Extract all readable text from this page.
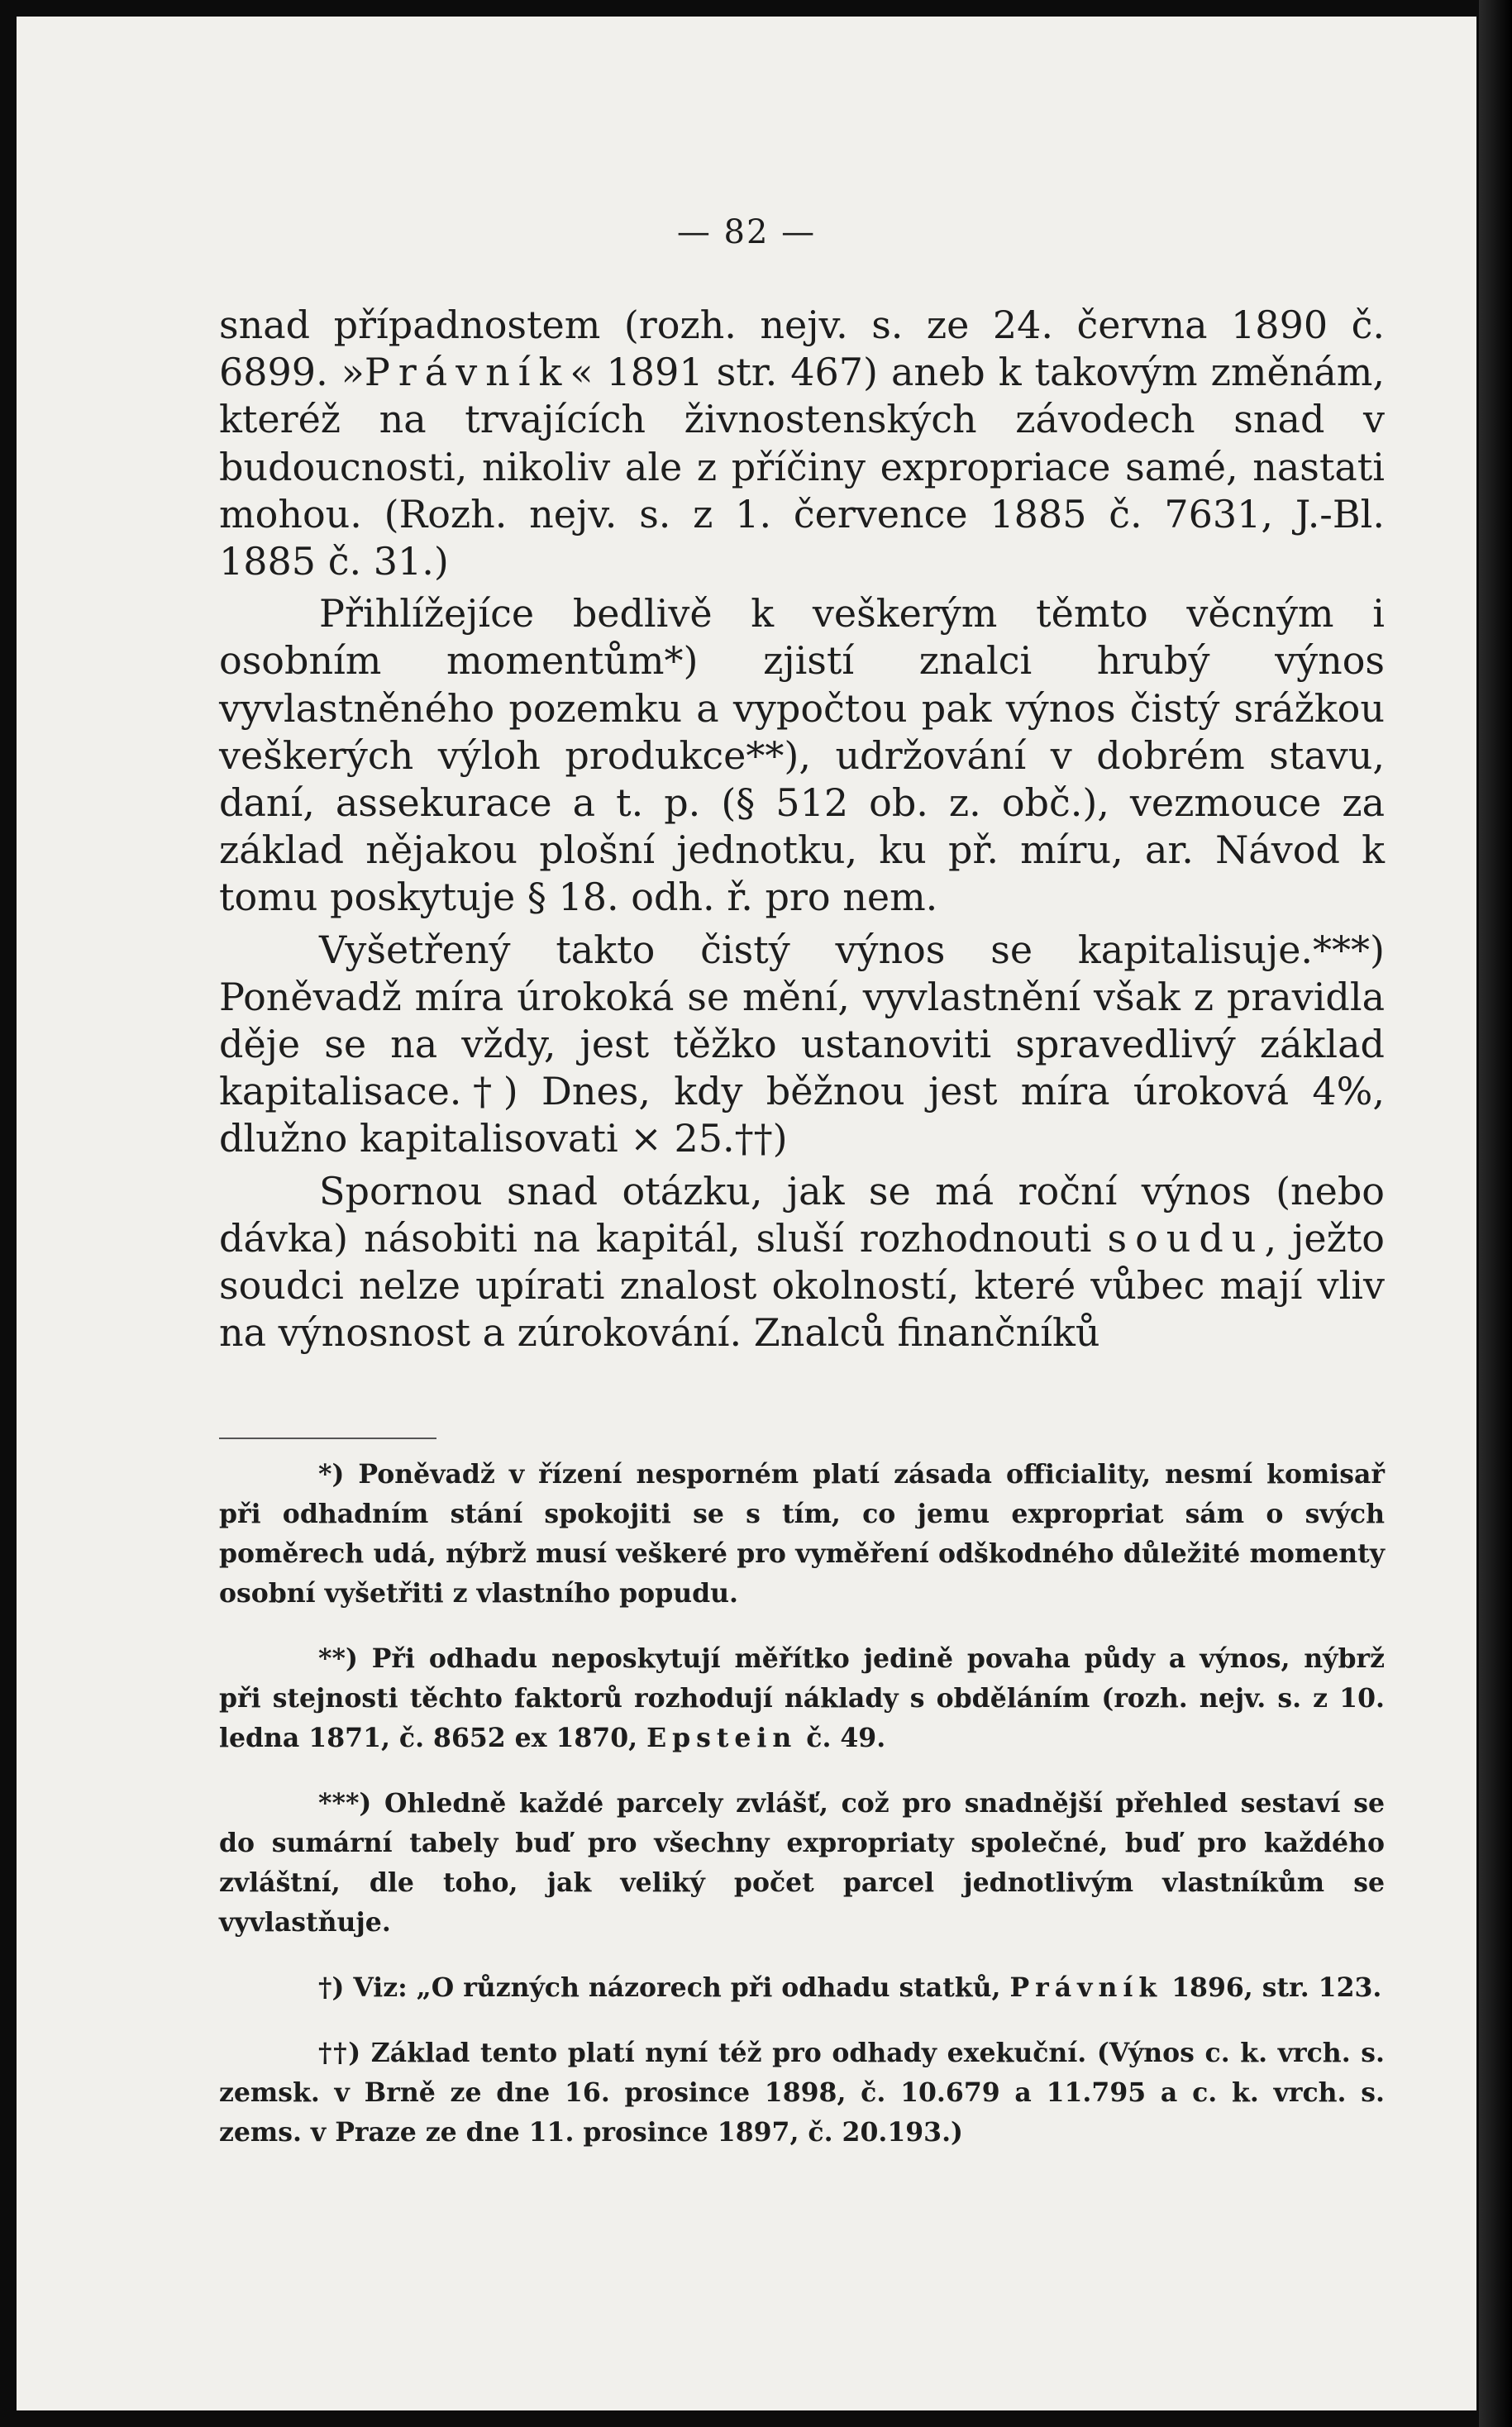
— 82 —

snad případnostem (rozh. nejv. s. ze 24. června 1890 č. 6899. »Právník« 1891 str. 467) aneb k takovým změnám, kteréž na trvajících živnostenských závodech snad v budoucnosti, nikoliv ale z příčiny expropriace samé, nastati mohou. (Rozh. nejv. s. z 1. července 1885 č. 7631, J.-Bl. 1885 č. 31.)

Přihlížejíce bedlivě k veškerým těmto věcným i osobním momentům*) zjistí znalci hrubý výnos vyvlastněného pozemku a vypočtou pak výnos čistý srážkou veškerých výloh produkce**), udržování v dobrém stavu, daní, assekurace a t. p. (§ 512 ob. z. obč.), vezmouce za základ nějakou plošní jednotku, ku př. míru, ar. Návod k tomu poskytuje § 18. odh. ř. pro nem.

Vyšetřený takto čistý výnos se kapitalisuje.***) Poněvadž míra úrokoká se mění, vyvlastnění však z pravidla děje se na vždy, jest těžko ustanoviti spravedlivý základ kapitalisace.†) Dnes, kdy běžnou jest míra úroková 4%, dlužno kapitalisovati × 25.††)

Spornou snad otázku, jak se má roční výnos (nebo dávka) násobiti na kapitál, sluší rozhodnouti soudu, ježto soudci nelze upírati znalost okolností, které vůbec mají vliv na výnosnost a zúrokování. Znalců finančníků

*) Poněvadž v řízení nesporném platí zásada officiality, nesmí komisař při odhadním stání spokojiti se s tím, co jemu expropriat sám o svých poměrech udá, nýbrž musí veškeré pro vyměření odškodného důležité momenty osobní vyšetřiti z vlastního popudu.

**) Při odhadu neposkytují měřítko jedině povaha půdy a výnos, nýbrž při stejnosti těchto faktorů rozhodují náklady s obděláním (rozh. nejv. s. z 10. ledna 1871, č. 8652 ex 1870, Epstein č. 49.

***) Ohledně každé parcely zvlášť, což pro snadnější přehled sestaví se do sumární tabely buď pro všechny expropriaty společné, buď pro každého zvláštní, dle toho, jak veliký počet parcel jednotlivým vlastníkům se vyvlastňuje.

†) Viz: „O různých názorech při odhadu statků, Právník 1896, str. 123.

††) Základ tento platí nyní též pro odhady exekuční. (Výnos c. k. vrch. s. zemsk. v Brně ze dne 16. prosince 1898, č. 10.679 a 11.795 a c. k. vrch. s. zems. v Praze ze dne 11. prosince 1897, č. 20.193.)
